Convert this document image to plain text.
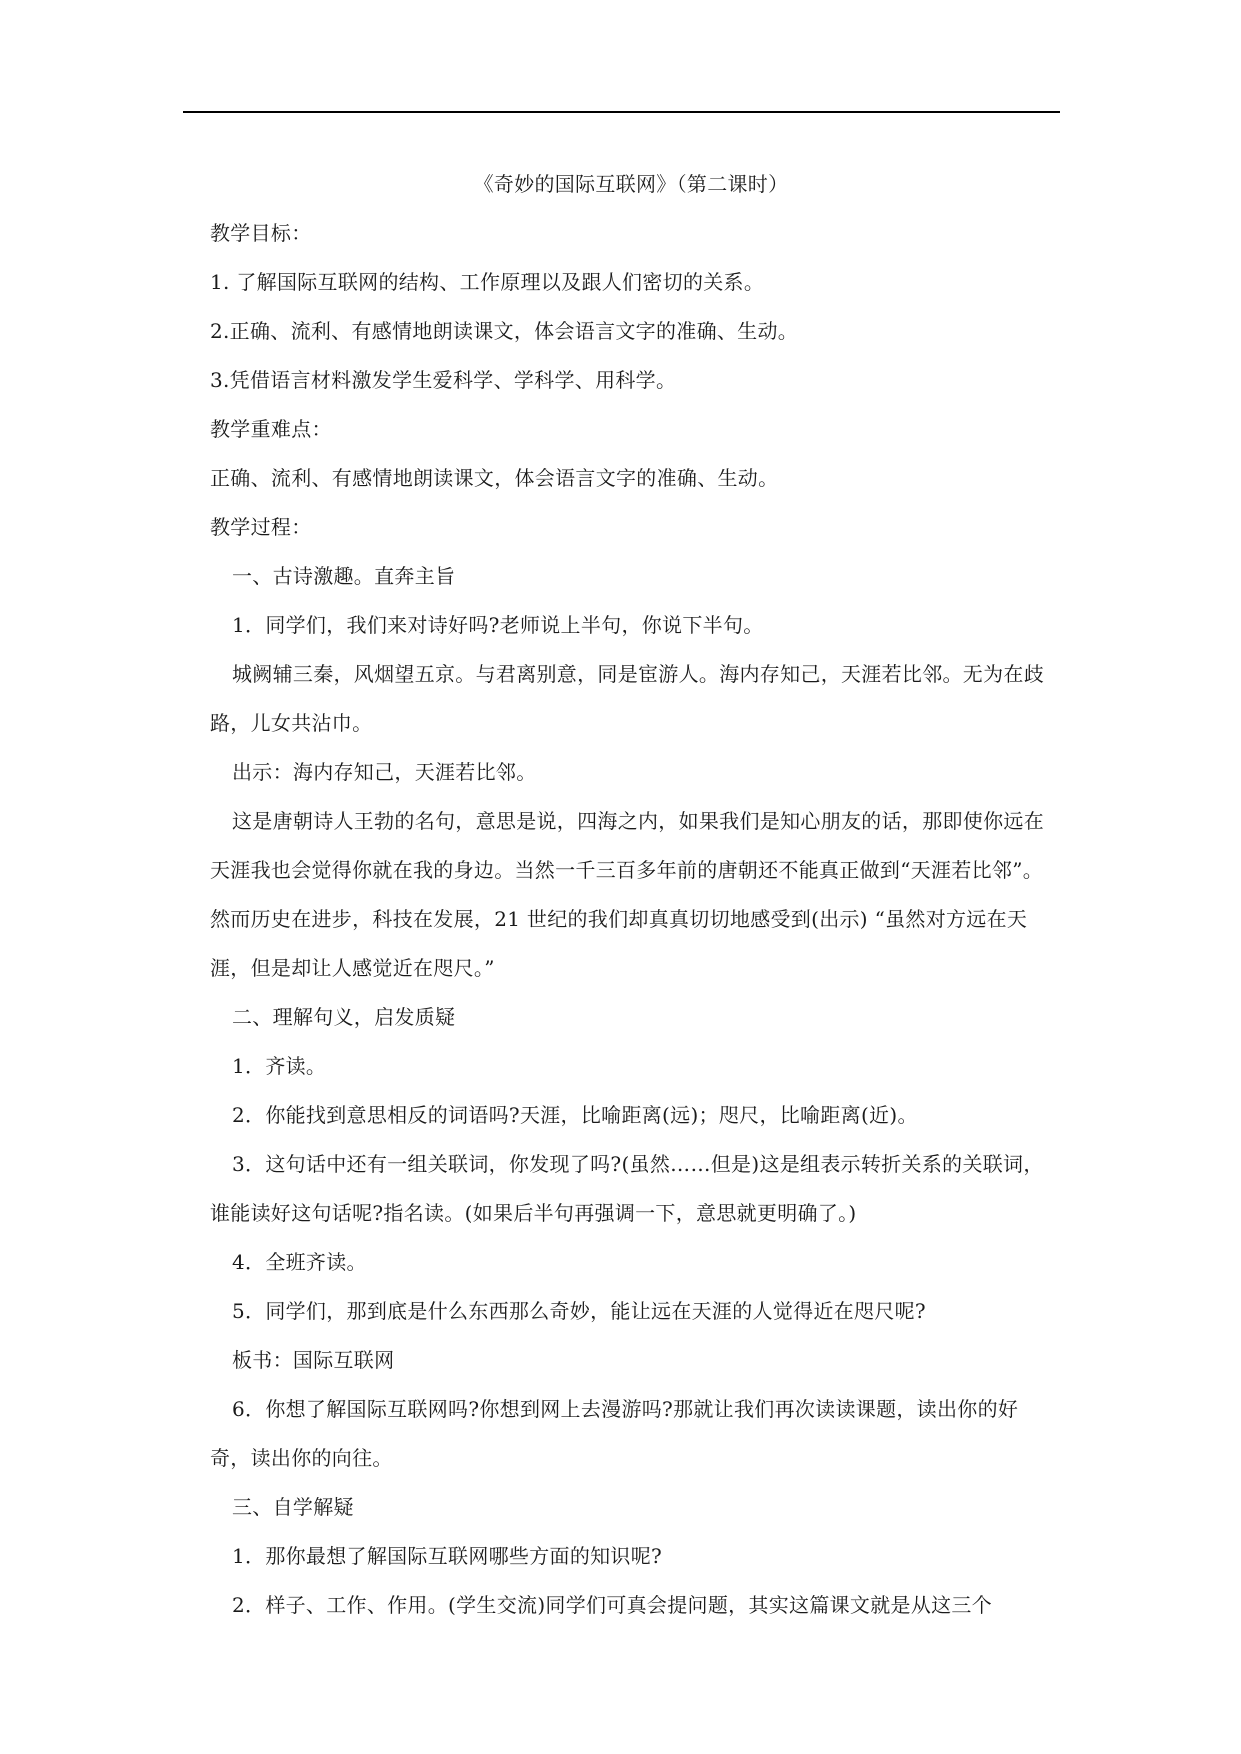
《奇妙的国际互联网》（第二课时）

教学目标：

1. 了解国际互联网的结构、工作原理以及跟人们密切的关系。

2.正确、流利、有感情地朗读课文，体会语言文字的准确、生动。

3.凭借语言材料激发学生爱科学、学科学、用科学。

教学重难点：

正确、流利、有感情地朗读课文，体会语言文字的准确、生动。

教学过程：

一、古诗激趣。直奔主旨

1．同学们，我们来对诗好吗?老师说上半句，你说下半句。

城阙辅三秦，风烟望五京。与君离别意，同是宦游人。海内存知己，天涯若比邻。无为在歧路，儿女共沾巾。

出示：海内存知己，天涯若比邻。

这是唐朝诗人王勃的名句，意思是说，四海之内，如果我们是知心朋友的话，那即使你远在天涯我也会觉得你就在我的身边。当然一千三百多年前的唐朝还不能真正做到“天涯若比邻”。然而历史在进步，科技在发展，21 世纪的我们却真真切切地感受到(出示) “虽然对方远在天涯，但是却让人感觉近在咫尺。”

二、理解句义，启发质疑

1．齐读。

2．你能找到意思相反的词语吗?天涯，比喻距离(远)；咫尺，比喻距离(近)。

3．这句话中还有一组关联词，你发现了吗?(虽然……但是)这是组表示转折关系的关联词，谁能读好这句话呢?指名读。(如果后半句再强调一下，意思就更明确了。)

4．全班齐读。

5．同学们，那到底是什么东西那么奇妙，能让远在天涯的人觉得近在咫尺呢?

板书：国际互联网

6．你想了解国际互联网吗?你想到网上去漫游吗?那就让我们再次读读课题，读出你的好奇，读出你的向往。

三、自学解疑

1．那你最想了解国际互联网哪些方面的知识呢?

2．样子、工作、作用。(学生交流)同学们可真会提问题，其实这篇课文就是从这三个
